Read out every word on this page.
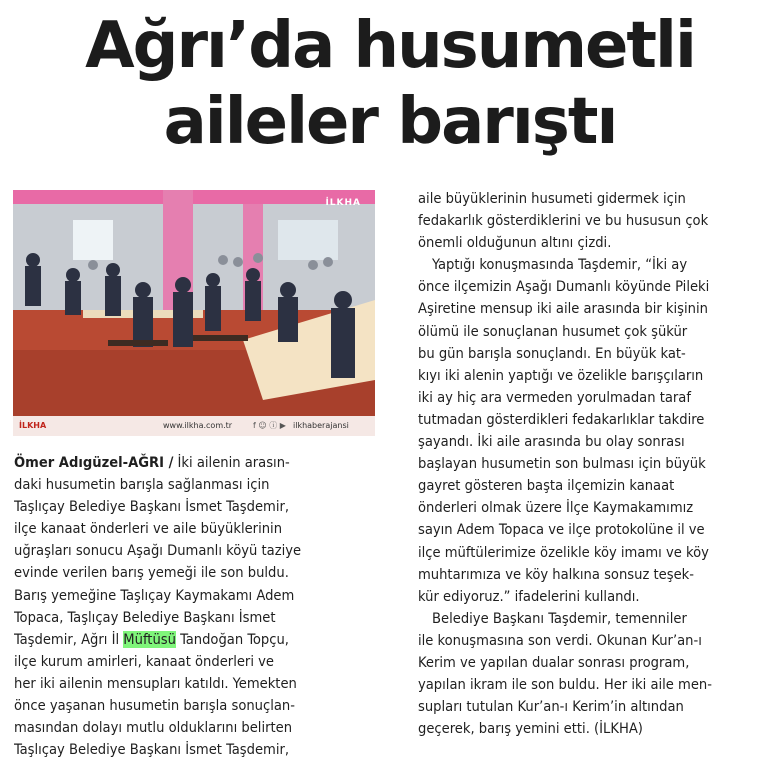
Ağrı’da husumetli
aileler barıştı
İLKHA
İLKHA	www.ilkha.com.tr	f ☺ ⓘ ▶ ilkhaberajansi
Ömer Adıgüzel-AĞRI / İki ailenin arasın-
daki husumetin barışla sağlanması için
Taşlıçay Belediye Başkanı İsmet Taşdemir,
ilçe kanaat önderleri ve aile büyüklerinin
uğraşları sonucu Aşağı Dumanlı köyü taziye
evinde verilen barış yemeği ile son buldu.
Barış yemeğine Taşlıçay Kaymakamı Adem
Topaca, Taşlıçay Belediye Başkanı İsmet
Taşdemir, Ağrı İl Müftüsü Tandoğan Topçu,
ilçe kurum amirleri, kanaat önderleri ve
her iki ailenin mensupları katıldı. Yemekten
önce yaşanan husumetin barışla sonuçlan-
masından dolayı mutlu olduklarını belirten
Taşlıçay Belediye Başkanı İsmet Taşdemir,
aile büyüklerinin husumeti gidermek için
fedakarlık gösterdiklerini ve bu hususun çok
önemli olduğunun altını çizdi.
Yaptığı konuşmasında Taşdemir, “İki ay
önce ilçemizin Aşağı Dumanlı köyünde Pileki
Aşiretine mensup iki aile arasında bir kişinin
ölümü ile sonuçlanan husumet çok şükür
bu gün barışla sonuçlandı. En büyük kat-
kıyı iki alenin yaptığı ve özelikle barışçıların
iki ay hiç ara vermeden yorulmadan taraf
tutmadan gösterdikleri fedakarlıklar takdire
şayandı. İki aile arasında bu olay sonrası
başlayan husumetin son bulması için büyük
gayret gösteren başta ilçemizin kanaat
önderleri olmak üzere İlçe Kaymakamımız
sayın Adem Topaca ve ilçe protokolüne il ve
ilçe müftülerimize özelikle köy imamı ve köy
muhtarımıza ve köy halkına sonsuz teşek-
kür ediyoruz.” ifadelerini kullandı.
Belediye Başkanı Taşdemir, temenniler
ile konuşmasına son verdi. Okunan Kur’an-ı
Kerim ve yapılan dualar sonrası program,
yapılan ikram ile son buldu. Her iki aile men-
supları tutulan Kur’an-ı Kerim’in altından
geçerek, barış yemini etti. (İLKHA)
